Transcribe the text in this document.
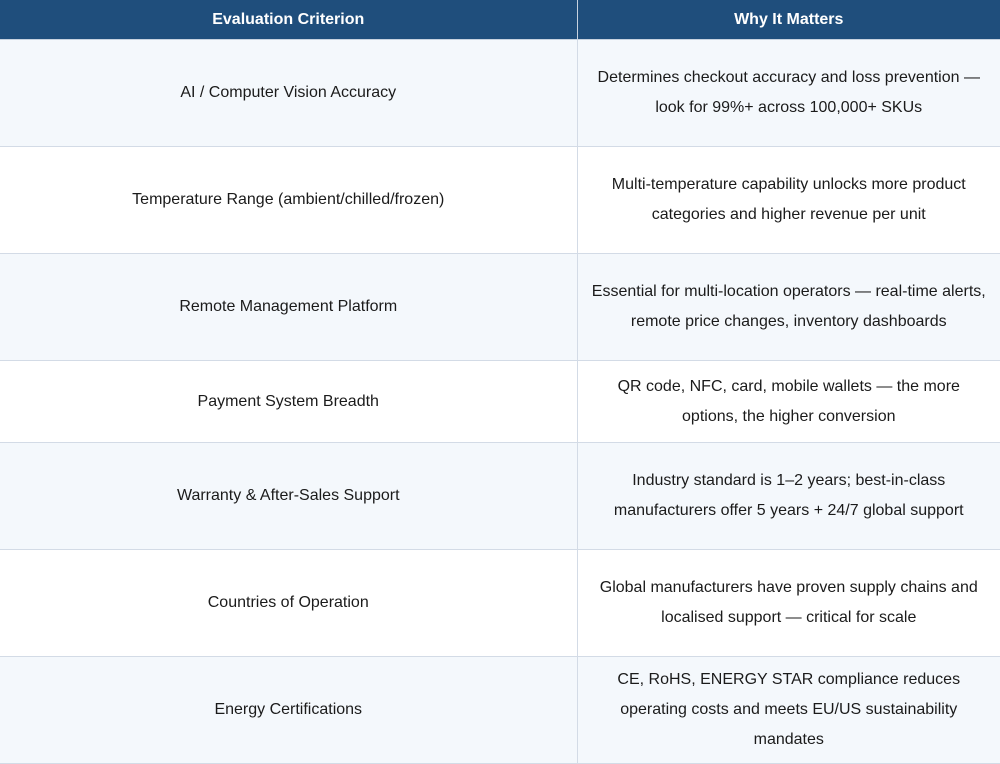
Evaluation Criterion	Why It Matters
AI / Computer Vision Accuracy	Determines checkout accuracy and loss prevention — look for 99%+ across 100,000+ SKUs
Temperature Range (ambient/chilled/frozen)	Multi-temperature capability unlocks more product categories and higher revenue per unit
Remote Management Platform	Essential for multi-location operators — real-time alerts, remote price changes, inventory dashboards
Payment System Breadth	QR code, NFC, card, mobile wallets — the more options, the higher conversion
Warranty & After-Sales Support	Industry standard is 1–2 years; best-in-class manufacturers offer 5 years + 24/7 global support
Countries of Operation	Global manufacturers have proven supply chains and localised support — critical for scale
Energy Certifications	CE, RoHS, ENERGY STAR compliance reduces operating costs and meets EU/US sustainability mandates
